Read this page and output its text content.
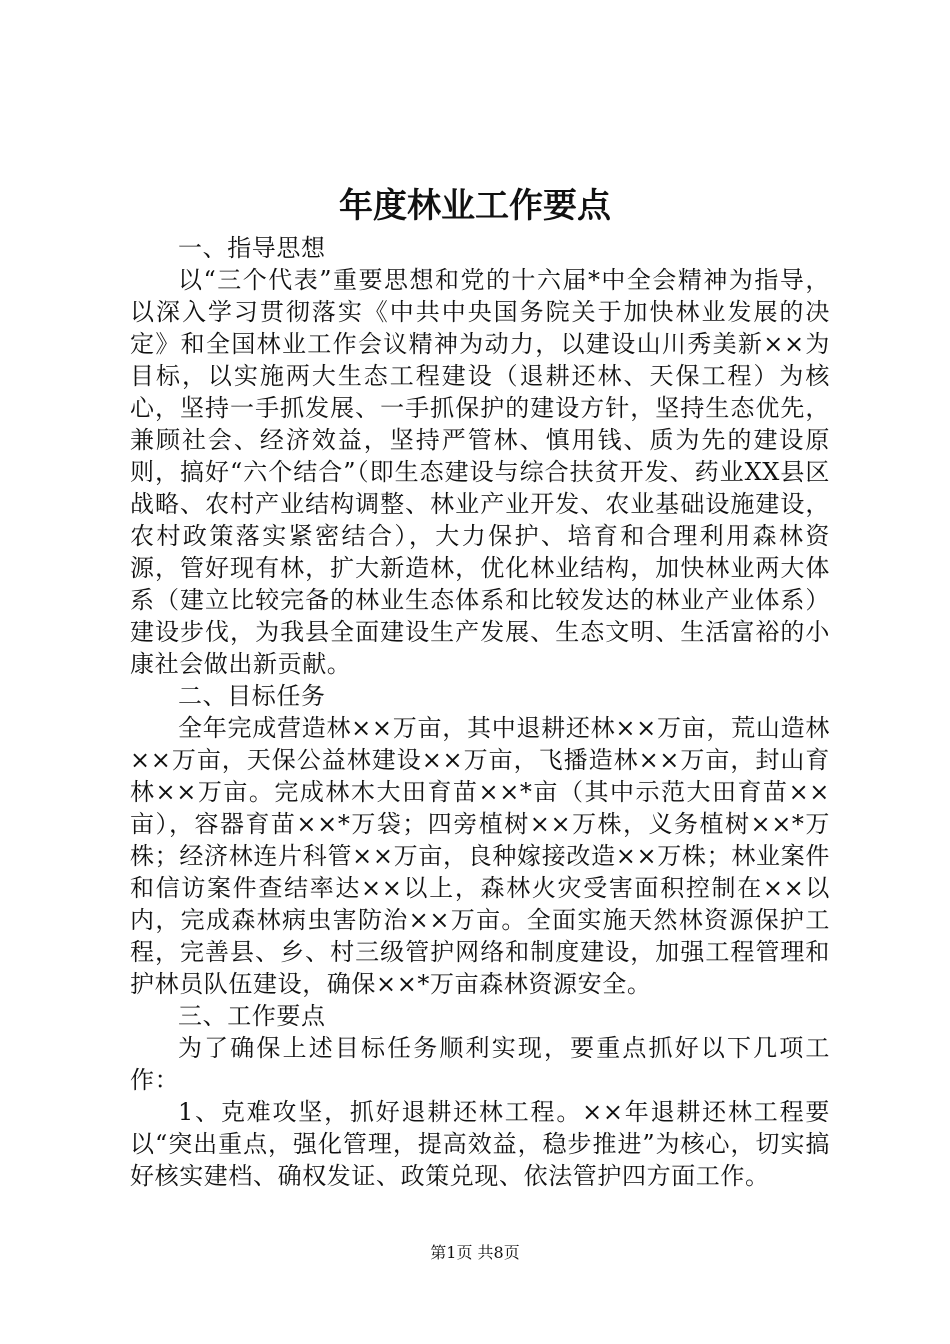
年度林业工作要点

一、指导思想

以“三个代表”重要思想和党的十六届*中全会精神为指导，以深入学习贯彻落实《中共中央国务院关于加快林业发展的决定》和全国林业工作会议精神为动力，以建设山川秀美新××为目标，以实施两大生态工程建设（退耕还林、天保工程）为核心，坚持一手抓发展、一手抓保护的建设方针，坚持生态优先，兼顾社会、经济效益，坚持严管林、慎用钱、质为先的建设原则，搞好“六个结合”（即生态建设与综合扶贫开发、药业XX县区战略、农村产业结构调整、林业产业开发、农业基础设施建设，农村政策落实紧密结合），大力保护、培育和合理利用森林资源，管好现有林，扩大新造林，优化林业结构，加快林业两大体系（建立比较完备的林业生态体系和比较发达的林业产业体系）建设步伐，为我县全面建设生产发展、生态文明、生活富裕的小康社会做出新贡献。

二、目标任务

全年完成营造林××万亩，其中退耕还林××万亩，荒山造林××万亩，天保公益林建设××万亩，飞播造林××万亩，封山育林××万亩。完成林木大田育苗××*亩（其中示范大田育苗××亩），容器育苗××*万袋；四旁植树××万株，义务植树××*万株；经济林连片科管××万亩，良种嫁接改造××万株；林业案件和信访案件查结率达××以上，森林火灾受害面积控制在××以内，完成森林病虫害防治××万亩。全面实施天然林资源保护工程，完善县、乡、村三级管护网络和制度建设，加强工程管理和护林员队伍建设，确保××*万亩森林资源安全。

三、工作要点

为了确保上述目标任务顺利实现，要重点抓好以下几项工作：

1、克难攻坚，抓好退耕还林工程。××年退耕还林工程要以“突出重点，强化管理，提高效益，稳步推进”为核心，切实搞好核实建档、确权发证、政策兑现、依法管护四方面工作。

第1页 共8页
